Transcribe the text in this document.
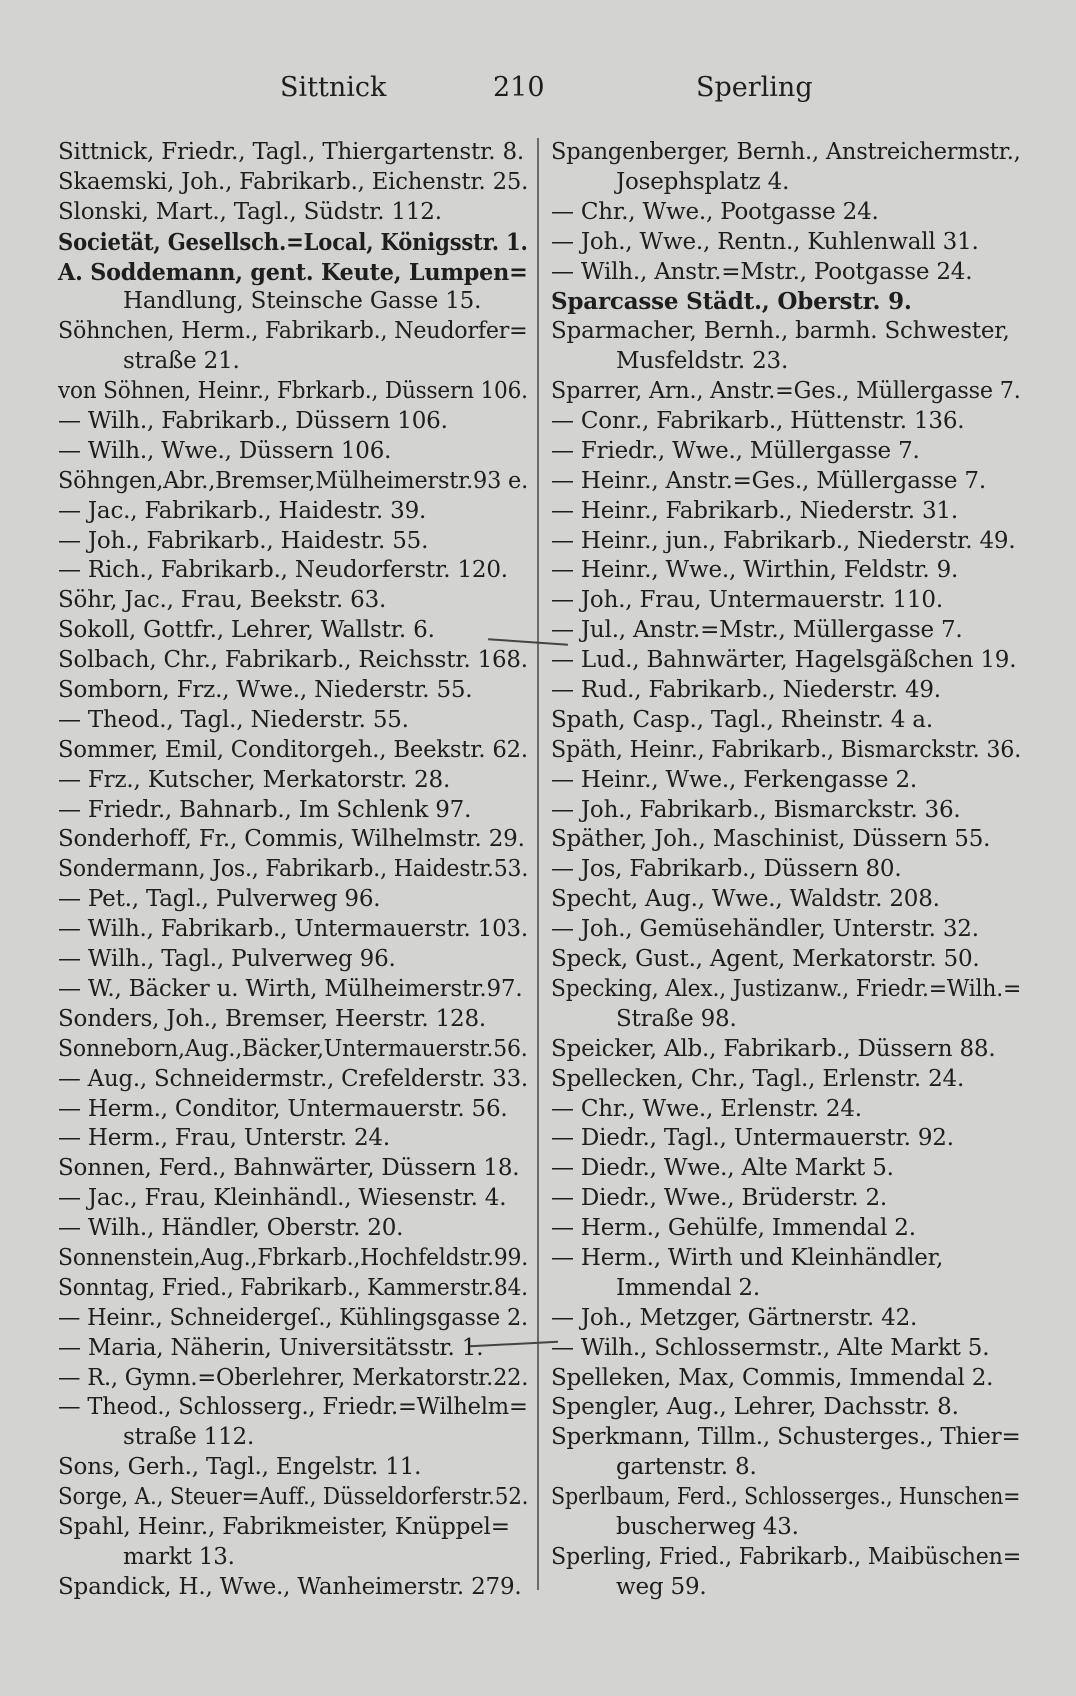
Sittnick	210	Sperling
Sittnick, Friedr., Tagl., Thiergartenstr. 8.
Skaemski, Joh., Fabrikarb., Eichenstr. 25.
Slonski, Mart., Tagl., Südstr. 112.
Societät, Gesellsch.=Local, Königsstr. 1.
A. Soddemann, gent. Keute, Lumpen=
Handlung, Steinsche Gasse 15.
Söhnchen, Herm., Fabrikarb., Neudorfer=
straße 21.
von Söhnen, Heinr., Fbrkarb., Düssern 106.
— Wilh., Fabrikarb., Düssern 106.
— Wilh., Wwe., Düssern 106.
Söhngen,Abr.,Bremser,Mülheimerstr.93 e.
— Jac., Fabrikarb., Haidestr. 39.
— Joh., Fabrikarb., Haidestr. 55.
— Rich., Fabrikarb., Neudorferstr. 120.
Söhr, Jac., Frau, Beekstr. 63.
Sokoll, Gottfr., Lehrer, Wallstr. 6.
Solbach, Chr., Fabrikarb., Reichsstr. 168.
Somborn, Frz., Wwe., Niederstr. 55.
— Theod., Tagl., Niederstr. 55.
Sommer, Emil, Conditorgeh., Beekstr. 62.
— Frz., Kutscher, Merkatorstr. 28.
— Friedr., Bahnarb., Im Schlenk 97.
Sonderhoff, Fr., Commis, Wilhelmstr. 29.
Sondermann, Jos., Fabrikarb., Haidestr.53.
— Pet., Tagl., Pulverweg 96.
— Wilh., Fabrikarb., Untermauerstr. 103.
— Wilh., Tagl., Pulverweg 96.
— W., Bäcker u. Wirth, Mülheimerstr.97.
Sonders, Joh., Bremser, Heerstr. 128.
Sonneborn,Aug.,Bäcker,Untermauerstr.56.
— Aug., Schneidermstr., Crefelderstr. 33.
— Herm., Conditor, Untermauerstr. 56.
— Herm., Frau, Unterstr. 24.
Sonnen, Ferd., Bahnwärter, Düssern 18.
— Jac., Frau, Kleinhändl., Wiesenstr. 4.
— Wilh., Händler, Oberstr. 20.
Sonnenstein,Aug.,Fbrkarb.,Hochfeldstr.99.
Sonntag, Fried., Fabrikarb., Kammerstr.84.
— Heinr., Schneidergeſ., Kühlingsgasse 2.
— Maria, Näherin, Universitätsstr. 1.
— R., Gymn.=Oberlehrer, Merkatorstr.22.
— Theod., Schlosserg., Friedr.=Wilhelm=
straße 112.
Sons, Gerh., Tagl., Engelstr. 11.
Sorge, A., Steuer=Auff., Düsseldorferstr.52.
Spahl, Heinr., Fabrikmeister, Knüppel=
markt 13.
Spandick, H., Wwe., Wanheimerstr. 279.
Spangenberger, Bernh., Anstreichermstr.,
Josephsplatz 4.
— Chr., Wwe., Pootgasse 24.
— Joh., Wwe., Rentn., Kuhlenwall 31.
— Wilh., Anstr.=Mstr., Pootgasse 24.
Sparcasse Städt., Oberstr. 9.
Sparmacher, Bernh., barmh. Schwester,
Musfeldstr. 23.
Sparrer, Arn., Anstr.=Ges., Müllergasse 7.
— Conr., Fabrikarb., Hüttenstr. 136.
— Friedr., Wwe., Müllergasse 7.
— Heinr., Anstr.=Ges., Müllergasse 7.
— Heinr., Fabrikarb., Niederstr. 31.
— Heinr., jun., Fabrikarb., Niederstr. 49.
— Heinr., Wwe., Wirthin, Feldstr. 9.
— Joh., Frau, Untermauerstr. 110.
— Jul., Anstr.=Mstr., Müllergasse 7.
— Lud., Bahnwärter, Hagelsgäßchen 19.
— Rud., Fabrikarb., Niederstr. 49.
Spath, Casp., Tagl., Rheinstr. 4 a.
Späth, Heinr., Fabrikarb., Bismarckstr. 36.
— Heinr., Wwe., Ferkengasse 2.
— Joh., Fabrikarb., Bismarckstr. 36.
Späther, Joh., Maschinist, Düssern 55.
— Jos, Fabrikarb., Düssern 80.
Specht, Aug., Wwe., Waldstr. 208.
— Joh., Gemüsehändler, Unterstr. 32.
Speck, Gust., Agent, Merkatorstr. 50.
Specking, Alex., Justizanw., Friedr.=Wilh.=
Straße 98.
Speicker, Alb., Fabrikarb., Düssern 88.
Spellecken, Chr., Tagl., Erlenstr. 24.
— Chr., Wwe., Erlenstr. 24.
— Diedr., Tagl., Untermauerstr. 92.
— Diedr., Wwe., Alte Markt 5.
— Diedr., Wwe., Brüderstr. 2.
— Herm., Gehülfe, Immendal 2.
— Herm., Wirth und Kleinhändler,
Immendal 2.
— Joh., Metzger, Gärtnerstr. 42.
— Wilh., Schlossermstr., Alte Markt 5.
Spelleken, Max, Commis, Immendal 2.
Spengler, Aug., Lehrer, Dachsstr. 8.
Sperkmann, Tillm., Schusterges., Thier=
gartenstr. 8.
Sperlbaum, Ferd., Schlosserges., Hunschen=
buscherweg 43.
Sperling, Fried., Fabrikarb., Maibüschen=
weg 59.
